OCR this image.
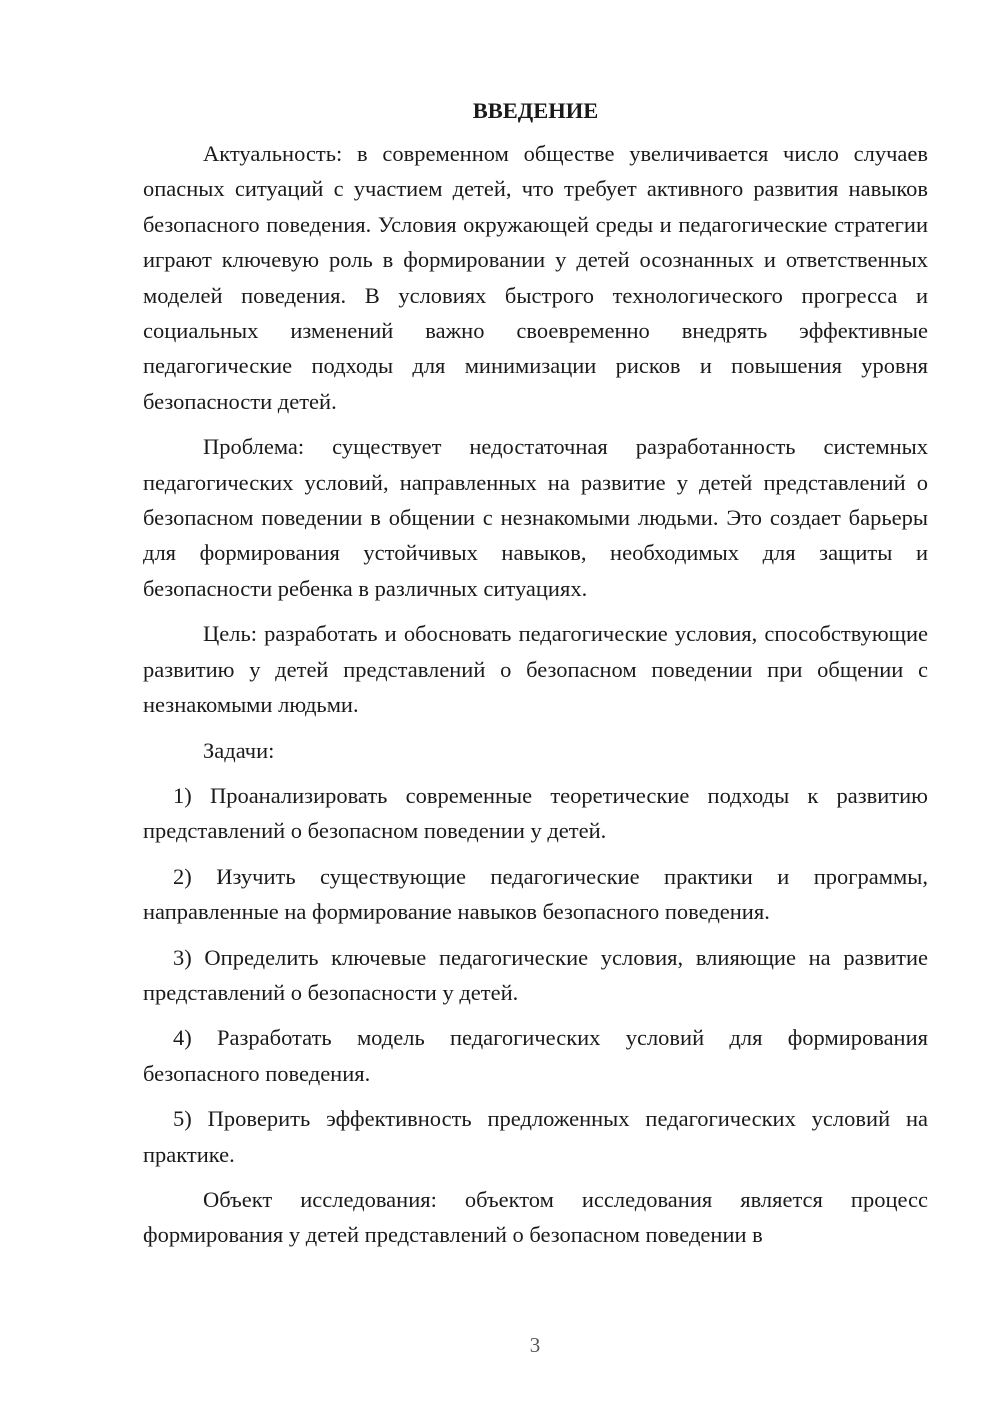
ВВЕДЕНИЕ

Актуальность: в современном обществе увеличивается число случаев опасных ситуаций с участием детей, что требует активного развития навыков безопасного поведения. Условия окружающей среды и педагогические стратегии играют ключевую роль в формировании у детей осознанных и ответственных моделей поведения. В условиях быстрого технологического прогресса и социальных изменений важно своевременно внедрять эффективные педагогические подходы для минимизации рисков и повышения уровня безопасности детей.

Проблема: существует недостаточная разработанность системных педагогических условий, направленных на развитие у детей представлений о безопасном поведении в общении с незнакомыми людьми. Это создает барьеры для формирования устойчивых навыков, необходимых для защиты и безопасности ребенка в различных ситуациях.

Цель: разработать и обосновать педагогические условия, способствующие развитию у детей представлений о безопасном поведении при общении с незнакомыми людьми.

Задачи:

1) Проанализировать современные теоретические подходы к развитию представлений о безопасном поведении у детей.

2) Изучить существующие педагогические практики и программы, направленные на формирование навыков безопасного поведения.

3) Определить ключевые педагогические условия, влияющие на развитие представлений о безопасности у детей.

4) Разработать модель педагогических условий для формирования безопасного поведения.

5) Проверить эффективность предложенных педагогических условий на практике.

Объект исследования: объектом исследования является процесс формирования у детей представлений о безопасном поведении в

3
